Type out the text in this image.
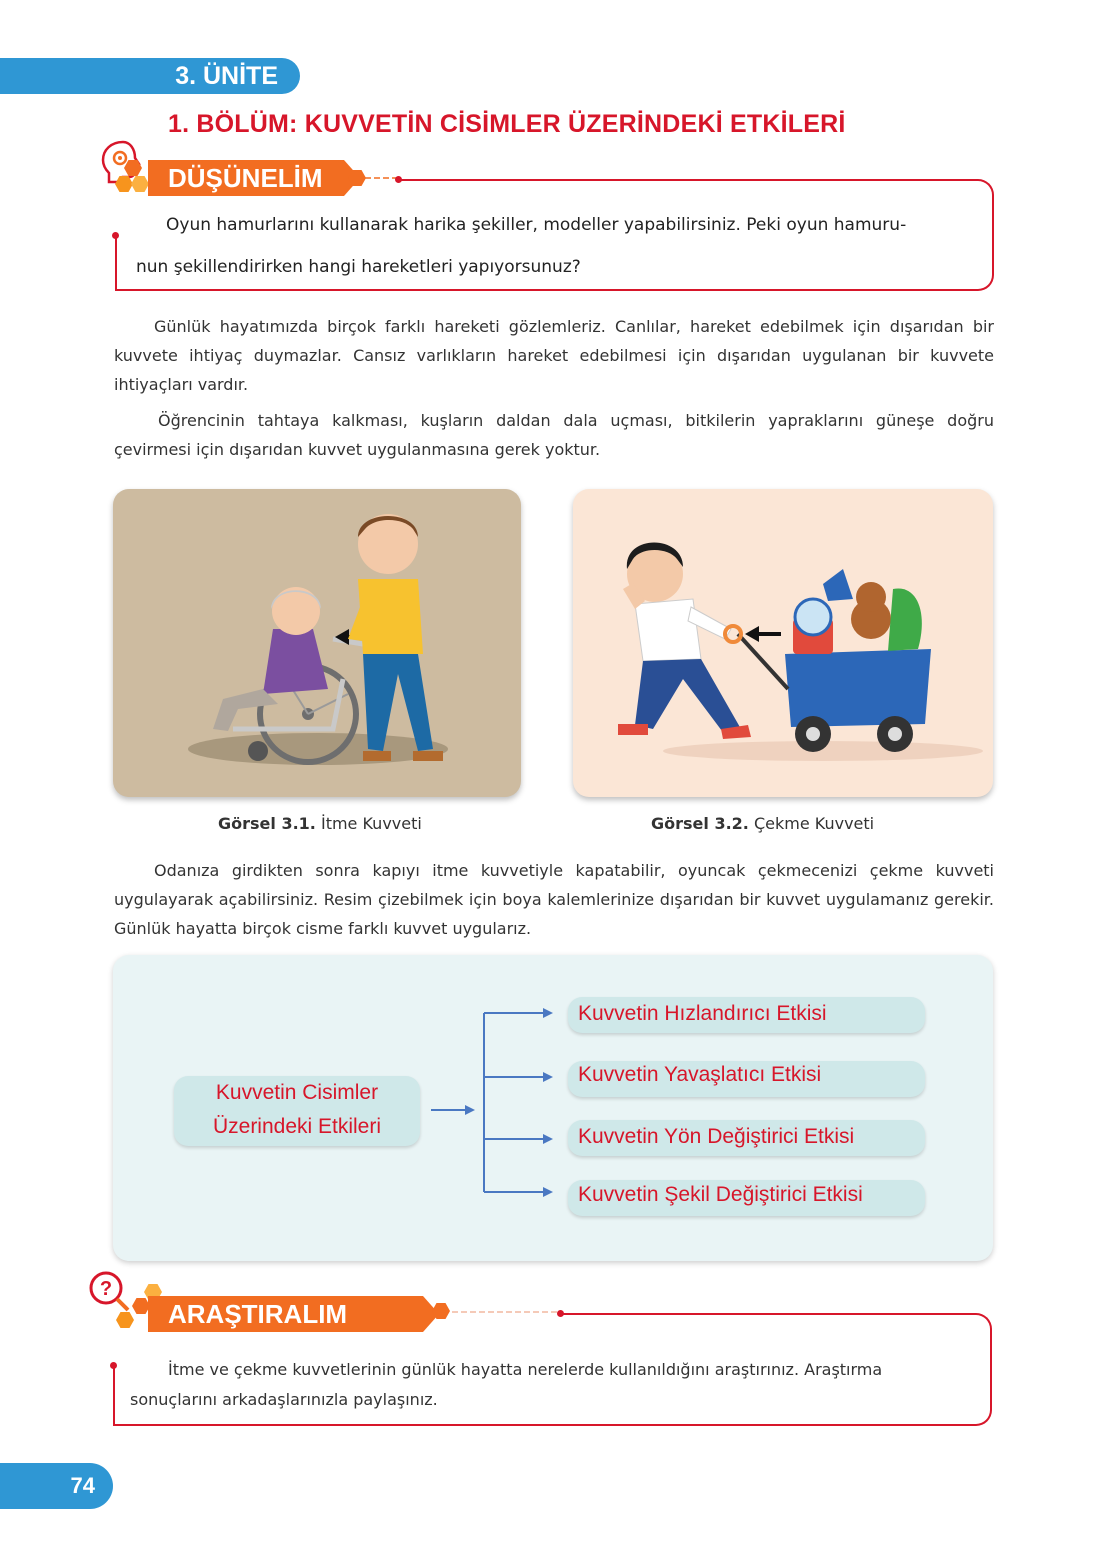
3. ÜNİTE
1. BÖLÜM: KUVVETİN CİSİMLER ÜZERİNDEKİ ETKİLERİ
DÜŞÜNELİM
Oyun hamurlarını kullanarak harika şekiller, modeller yapabilirsiniz. Peki oyun hamuru-
nun şekillendirirken hangi hareketleri yapıyorsunuz?
Günlük hayatımızda birçok farklı hareketi gözlemleriz. Canlılar, hareket edebilmek için dışarıdan bir kuvvete ihtiyaç duymazlar. Cansız varlıkların hareket edebilmesi için dışarıdan uygulanan bir kuvvete ihtiyaçları vardır.
Öğrencinin tahtaya kalkması, kuşların daldan dala uçması, bitkilerin yapraklarını güneşe doğru çevirmesi için dışarıdan kuvvet uygulanmasına gerek yoktur.
Görsel 3.1. İtme Kuvveti	Görsel 3.2. Çekme Kuvveti
Odanıza girdikten sonra kapıyı itme kuvvetiyle kapatabilir, oyuncak çekmecenizi çekme kuvveti uygulayarak açabilirsiniz. Resim çizebilmek için boya kalemlerinize dışarıdan bir kuvvet uygulamanız gerekir. Günlük hayatta birçok cisme farklı kuvvet uygularız.
Kuvvetin Cisimler
Üzerindeki Etkileri
Kuvvetin Hızlandırıcı Etkisi
Kuvvetin Yavaşlatıcı Etkisi
Kuvvetin Yön Değiştirici Etkisi
Kuvvetin Şekil Değiştirici Etkisi
?
ARAŞTIRALIM
İtme ve çekme kuvvetlerinin günlük hayatta nerelerde kullanıldığını araştırınız. Araştırma
sonuçlarını arkadaşlarınızla paylaşınız.
74
